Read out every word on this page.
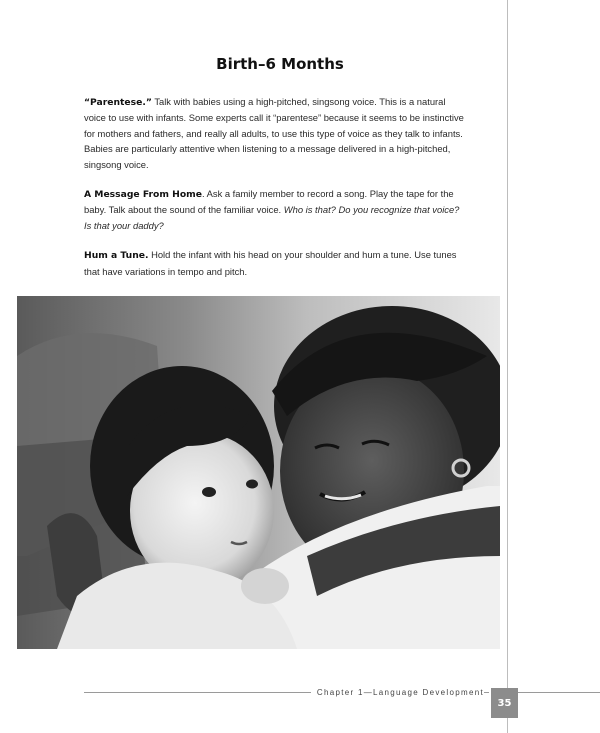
Birth–6 Months

“Parentese.” Talk with babies using a high-pitched, singsong voice. This is a natural voice to use with infants. Some experts call it “parentese” because it seems to be instinctive for mothers and fathers, and really all adults, to use this type of voice as they talk to infants. Babies are particularly attentive when listening to a message delivered in a high-pitched, singsong voice.

A Message From Home. Ask a family member to record a song. Play the tape for the baby. Talk about the sound of the familiar voice. Who is that? Do you recognize that voice? Is that your daddy?

Hum a Tune. Hold the infant with his head on your shoulder and hum a tune. Use tunes that have variations in tempo and pitch.

Chapter 1—Language Development
35
